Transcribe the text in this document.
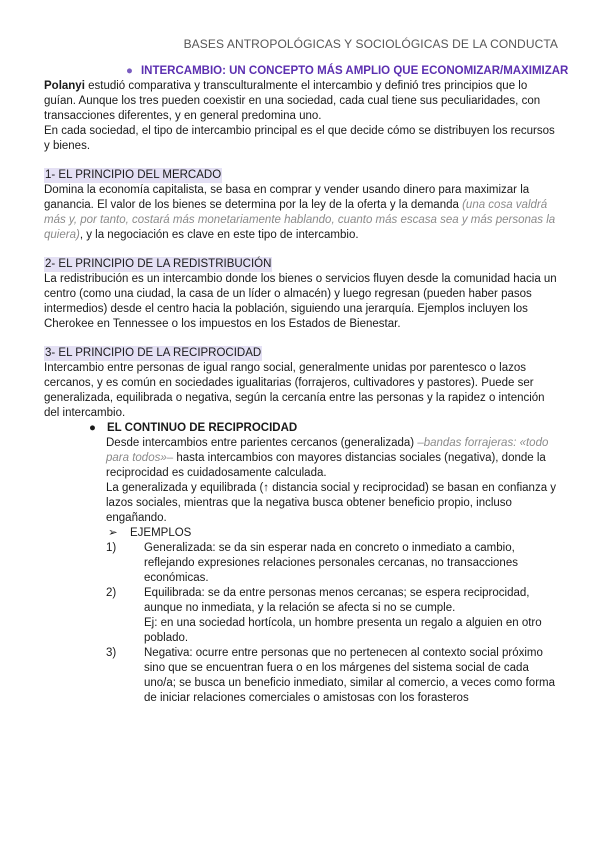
BASES ANTROPOLÓGICAS Y SOCIOLÓGICAS DE LA CONDUCTA
● INTERCAMBIO: UN CONCEPTO MÁS AMPLIO QUE ECONOMIZAR/MAXIMIZAR

Polanyi estudió comparativa y transculturalmente el intercambio y definió tres principios que lo guían. Aunque los tres pueden coexistir en una sociedad, cada cual tiene sus peculiaridades, con transacciones diferentes, y en general predomina uno.

En cada sociedad, el tipo de intercambio principal es el que decide cómo se distribuyen los recursos y bienes.

1- EL PRINCIPIO DEL MERCADO

Domina la economía capitalista, se basa en comprar y vender usando dinero para maximizar la ganancia. El valor de los bienes se determina por la ley de la oferta y la demanda (una cosa valdrá más y, por tanto, costará más monetariamente hablando, cuanto más escasa sea y más personas la quiera), y la negociación es clave en este tipo de intercambio.

2- EL PRINCIPIO DE LA REDISTRIBUCIÓN

La redistribución es un intercambio donde los bienes o servicios fluyen desde la comunidad hacia un centro (como una ciudad, la casa de un líder o almacén) y luego regresan (pueden haber pasos intermedios) desde el centro hacia la población, siguiendo una jerarquía. Ejemplos incluyen los Cherokee en Tennessee o los impuestos en los Estados de Bienestar.

3- EL PRINCIPIO DE LA RECIPROCIDAD

Intercambio entre personas de igual rango social, generalmente unidas por parentesco o lazos cercanos, y es común en sociedades igualitarias (forrajeros, cultivadores y pastores). Puede ser generalizada, equilibrada o negativa, según la cercanía entre las personas y la rapidez o intención del intercambio.

● EL CONTINUO DE RECIPROCIDAD

Desde intercambios entre parientes cercanos (generalizada) –bandas forrajeras: «todo para todos»– hasta intercambios con mayores distancias sociales (negativa), donde la reciprocidad es cuidadosamente calculada.

La generalizada y equilibrada (↑ distancia social y reciprocidad) se basan en confianza y lazos sociales, mientras que la negativa busca obtener beneficio propio, incluso engañando.

➢ EJEMPLOS
1) Generalizada: se da sin esperar nada en concreto o inmediato a cambio, reflejando expresiones relaciones personales cercanas, no transacciones económicas.

2) Equilibrada: se da entre personas menos cercanas; se espera reciprocidad, aunque no inmediata, y la relación se afecta si no se cumple.

Ej: en una sociedad hortícola, un hombre presenta un regalo a alguien en otro poblado.

3) Negativa: ocurre entre personas que no pertenecen al contexto social próximo sino que se encuentran fuera o en los márgenes del sistema social de cada uno/a; se busca un beneficio inmediato, similar al comercio, a veces como forma de iniciar relaciones comerciales o amistosas con los forasteros
